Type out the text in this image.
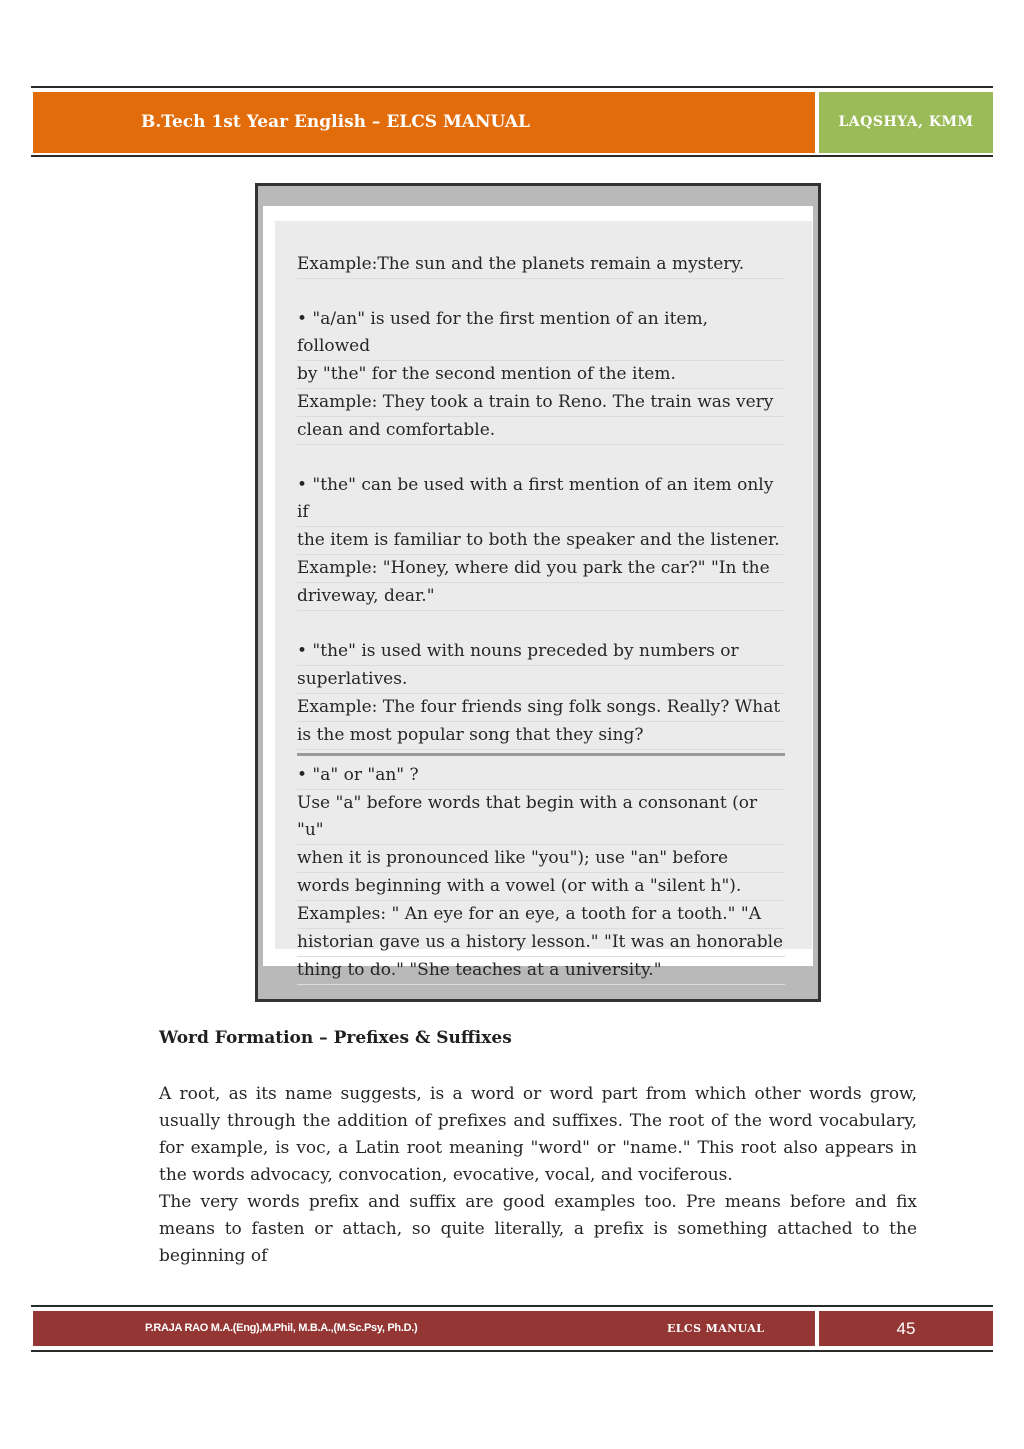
B.Tech 1st Year English – ELCS MANUAL	LAQSHYA, KMM

Example:The sun and the planets remain a mystery.

• "a/an" is used for the first mention of an item, followed

by "the" for the second mention of the item.

Example: They took a train to Reno. The train was very

clean and comfortable.

• "the" can be used with a first mention of an item only if

the item is familiar to both the speaker and the listener.

Example: "Honey, where did you park the car?" "In the

driveway, dear."

• "the" is used with nouns preceded by numbers or

superlatives.

Example: The four friends sing folk songs. Really? What

is the most popular song that they sing?

• "a" or "an" ?

Use "a" before words that begin with a consonant (or "u"

when it is pronounced like "you"); use "an" before

words beginning with a vowel (or with a "silent h").

Examples: " An eye for an eye, a tooth for a tooth." "A

historian gave us a history lesson." "It was an honorable

thing to do." "She teaches at a university."

Word Formation – Prefixes & Suffixes

A root, as its name suggests, is a word or word part from which other words grow, usually through the addition of prefixes and suffixes. The root of the word vocabulary, for example, is voc, a Latin root meaning "word" or "name." This root also appears in the words advocacy, convocation, evocative, vocal, and vociferous.

The very words prefix and suffix are good examples too. Pre means before and fix means to fasten or attach, so quite literally, a prefix is something attached to the beginning of

P.RAJA RAO M.A.(Eng),M.Phil, M.B.A.,(M.Sc.Psy, Ph.D.)	ELCS MANUAL	45
